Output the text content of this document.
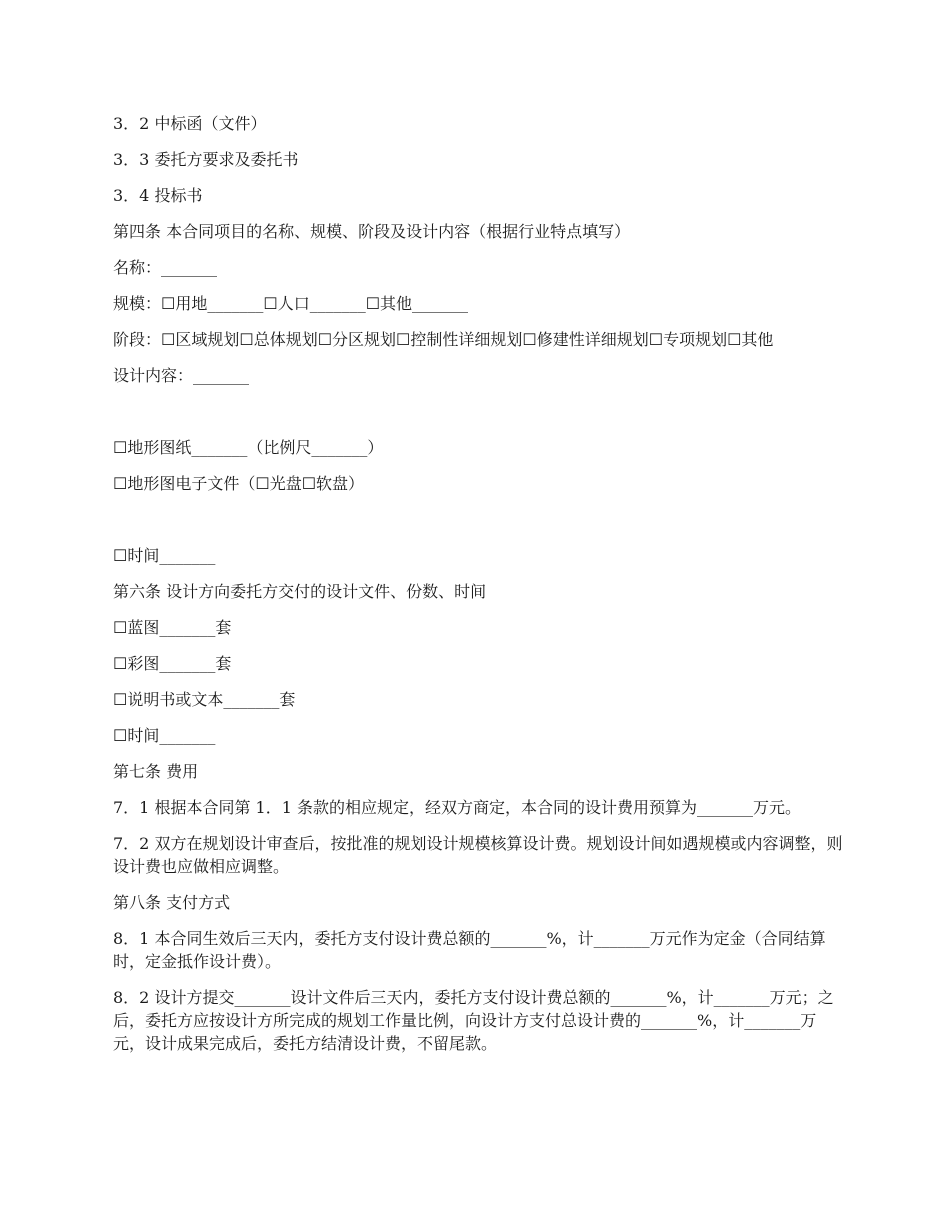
3．2 中标函（文件）

3．3 委托方要求及委托书

3．4 投标书

第四条 本合同项目的名称、规模、阶段及设计内容（根据行业特点填写）

名称：_______

规模：☐用地_______☐人口_______☐其他_______

阶段：☐区域规划☐总体规划☐分区规划☐控制性详细规划☐修建性详细规划☐专项规划☐其他

设计内容：_______

☐地形图纸_______（比例尺_______）

☐地形图电子文件（☐光盘☐软盘）

☐时间_______

第六条 设计方向委托方交付的设计文件、份数、时间

☐蓝图_______套

☐彩图_______套

☐说明书或文本_______套

☐时间_______

第七条 费用

7．1 根据本合同第 1．1 条款的相应规定，经双方商定，本合同的设计费用预算为_______万元。

7．2 双方在规划设计审查后，按批准的规划设计规模核算设计费。规划设计间如遇规模或内容调整，则设计费也应做相应调整。

第八条 支付方式

8．1 本合同生效后三天内，委托方支付设计费总额的_______%，计_______万元作为定金（合同结算时，定金抵作设计费）。

8．2 设计方提交_______设计文件后三天内，委托方支付设计费总额的_______%，计_______万元；之后，委托方应按设计方所完成的规划工作量比例，向设计方支付总设计费的_______%，计_______万元，设计成果完成后，委托方结清设计费，不留尾款。
